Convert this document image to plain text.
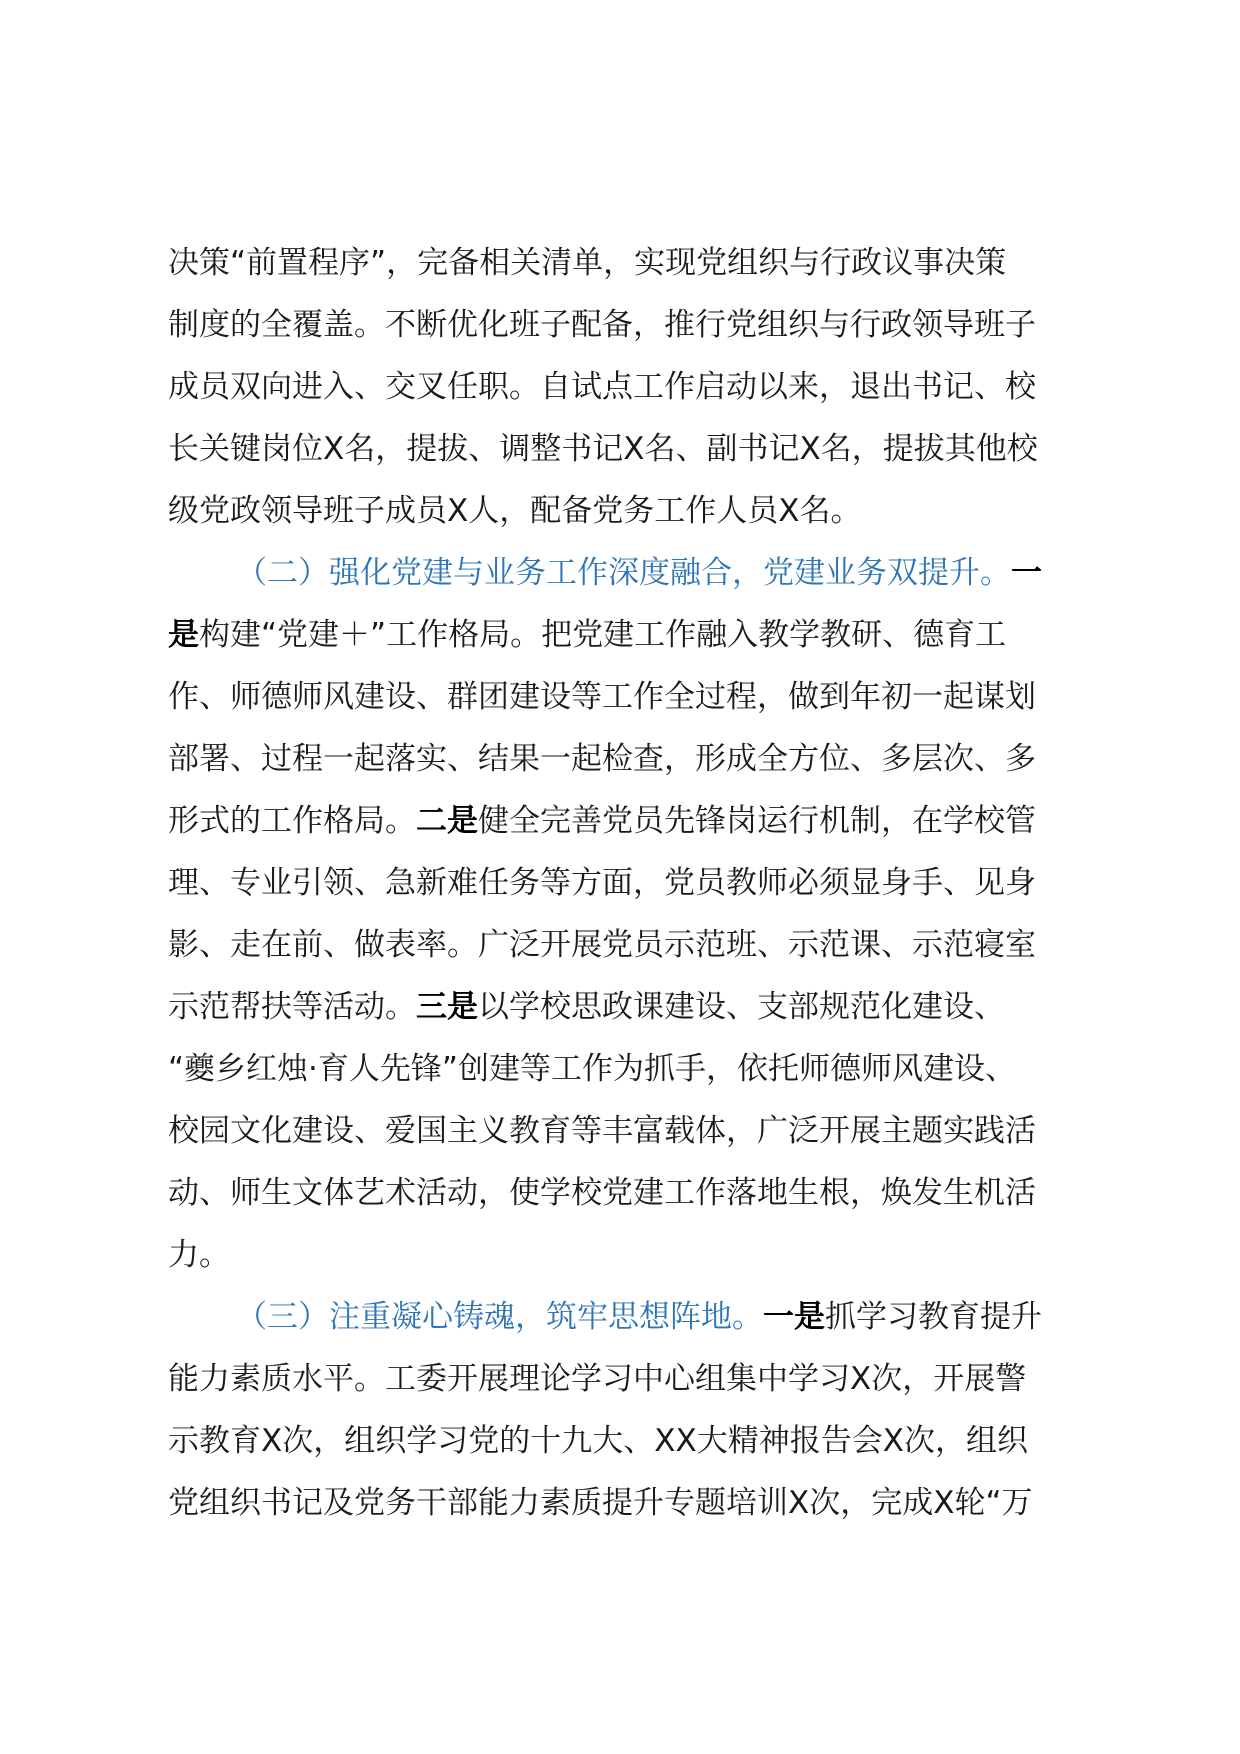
决策“前置程序”，完备相关清单，实现党组织与行政议事决策
制度的全覆盖。不断优化班子配备，推行党组织与行政领导班子
成员双向进入、交叉任职。自试点工作启动以来，退出书记、校
长关键岗位X名，提拔、调整书记X名、副书记X名，提拔其他校
级党政领导班子成员X人，配备党务工作人员X名。
（二）强化党建与业务工作深度融合，党建业务双提升。一
是构建“党建＋”工作格局。把党建工作融入教学教研、德育工
作、师德师风建设、群团建设等工作全过程，做到年初一起谋划
部署、过程一起落实、结果一起检查，形成全方位、多层次、多
形式的工作格局。二是健全完善党员先锋岗运行机制，在学校管
理、专业引领、急新难任务等方面，党员教师必须显身手、见身
影、走在前、做表率。广泛开展党员示范班、示范课、示范寝室
示范帮扶等活动。三是以学校思政课建设、支部规范化建设、
“夔乡红烛·育人先锋”创建等工作为抓手，依托师德师风建设、
校园文化建设、爱国主义教育等丰富载体，广泛开展主题实践活
动、师生文体艺术活动，使学校党建工作落地生根，焕发生机活
力。
（三）注重凝心铸魂，筑牢思想阵地。一是抓学习教育提升
能力素质水平。工委开展理论学习中心组集中学习X次，开展警
示教育X次，组织学习党的十九大、XX大精神报告会X次，组织
党组织书记及党务干部能力素质提升专题培训X次，完成X轮“万
